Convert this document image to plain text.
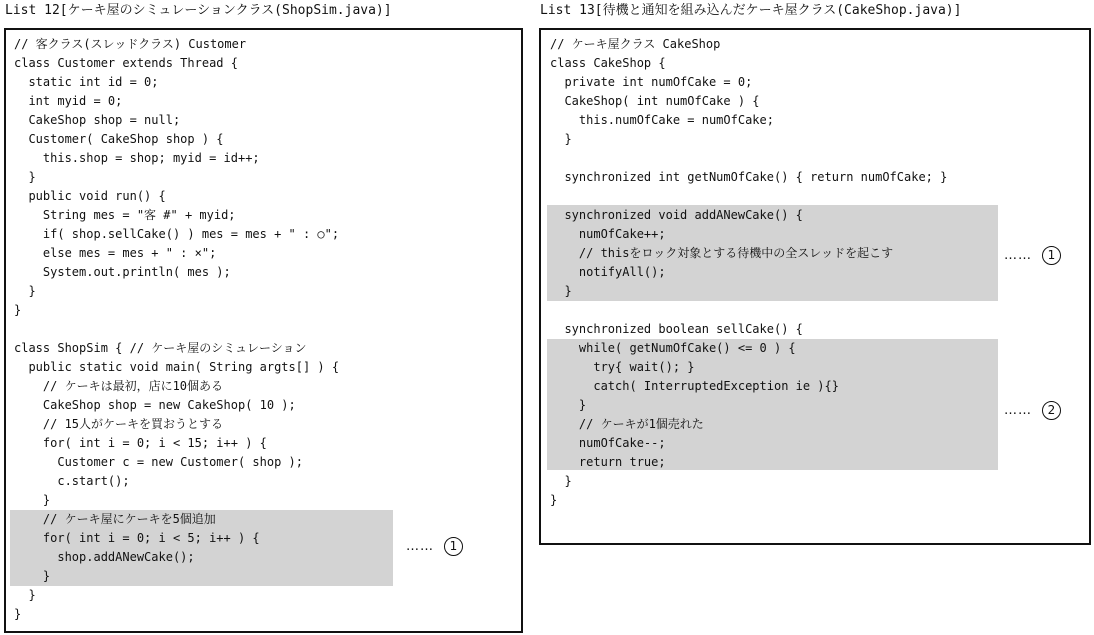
List 12[ケーキ屋のシミュレーションクラス(ShopSim.java)]	List 13[待機と通知を組み込んだケーキ屋クラス(CakeShop.java)]
// 客クラス(スレッドクラス) Customer
class Customer extends Thread {
static int id = 0;
int myid = 0;
CakeShop shop = null;
Customer( CakeShop shop ) {
this.shop = shop; myid = id++;
}
public void run() {
String mes = "客 #" + myid;
if( shop.sellCake() ) mes = mes + " : ○";
else mes = mes + " : ×";
System.out.println( mes );
}
}
class ShopSim { // ケーキ屋のシミュレーション
public static void main( String argts[] ) {
// ケーキは最初，店に10個ある
CakeShop shop = new CakeShop( 10 );
// 15人がケーキを買おうとする
for( int i = 0; i < 15; i++ ) {
Customer c = new Customer( shop );
c.start();
}
// ケーキ屋にケーキを5個追加
for( int i = 0; i < 5; i++ ) {
shop.addANewCake();
}
}
}
……	1
// ケーキ屋クラス CakeShop
class CakeShop {
private int numOfCake = 0;
CakeShop( int numOfCake ) {
this.numOfCake = numOfCake;
}
synchronized int getNumOfCake() { return numOfCake; }
synchronized void addANewCake() {
numOfCake++;
// thisをロック対象とする待機中の全スレッドを起こす
notifyAll();
}
synchronized boolean sellCake() {
while( getNumOfCake() <= 0 ) {
try{ wait(); }
catch( InterruptedException ie ){}
}
// ケーキが1個売れた
numOfCake--;
return true;
}
}
……	1
……	2
